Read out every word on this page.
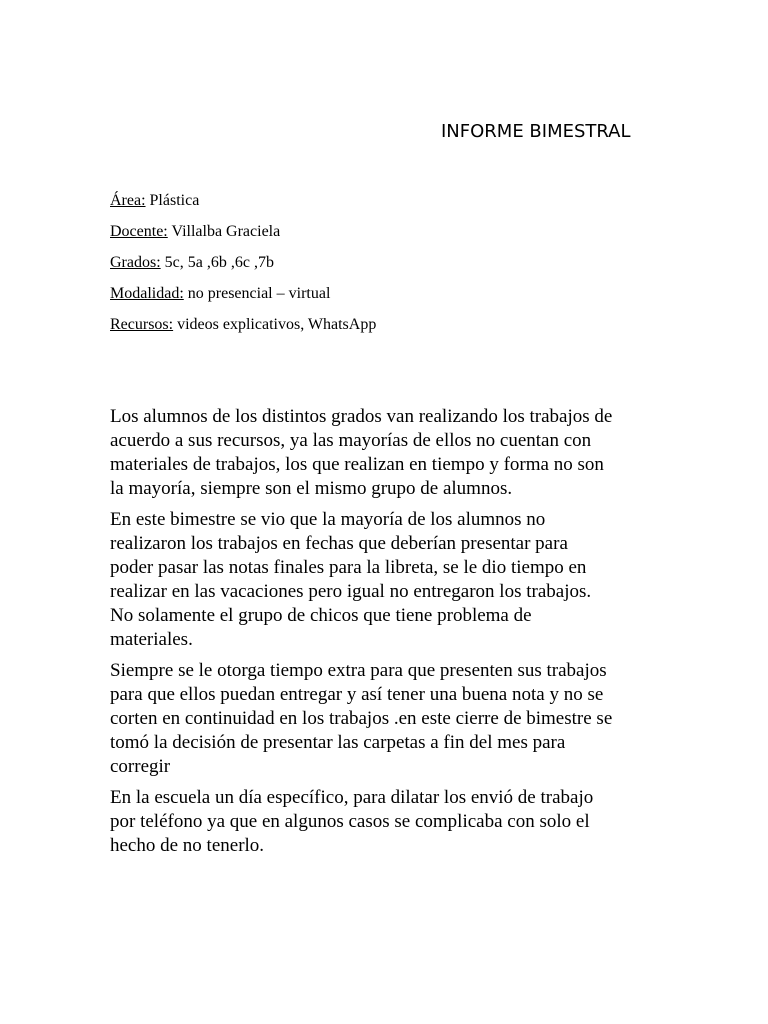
INFORME BIMESTRAL
Área: Plástica
Docente: Villalba Graciela
Grados: 5c, 5a ,6b ,6c ,7b
Modalidad: no presencial – virtual
Recursos: videos explicativos, WhatsApp

Los alumnos de los distintos grados van realizando los trabajos de
acuerdo a sus recursos, ya las mayorías de ellos no cuentan con
materiales de trabajos, los que realizan en tiempo y forma no son
la mayoría, siempre son el mismo grupo de alumnos.

En este bimestre se vio que la mayoría de los alumnos no
realizaron los trabajos en fechas que deberían presentar para
poder pasar las notas finales para la libreta, se le dio tiempo en
realizar en las vacaciones pero igual no entregaron los trabajos.
No solamente el grupo de chicos que tiene problema de
materiales.

Siempre se le otorga tiempo extra para que presenten sus trabajos
para que ellos puedan entregar y así tener una buena nota y no se
corten en continuidad en los trabajos .en este cierre de bimestre se
tomó la decisión de presentar las carpetas a fin del mes para
corregir

En la escuela un día específico, para dilatar los envió de trabajo
por teléfono ya que en algunos casos se complicaba con solo el
hecho de no tenerlo.
